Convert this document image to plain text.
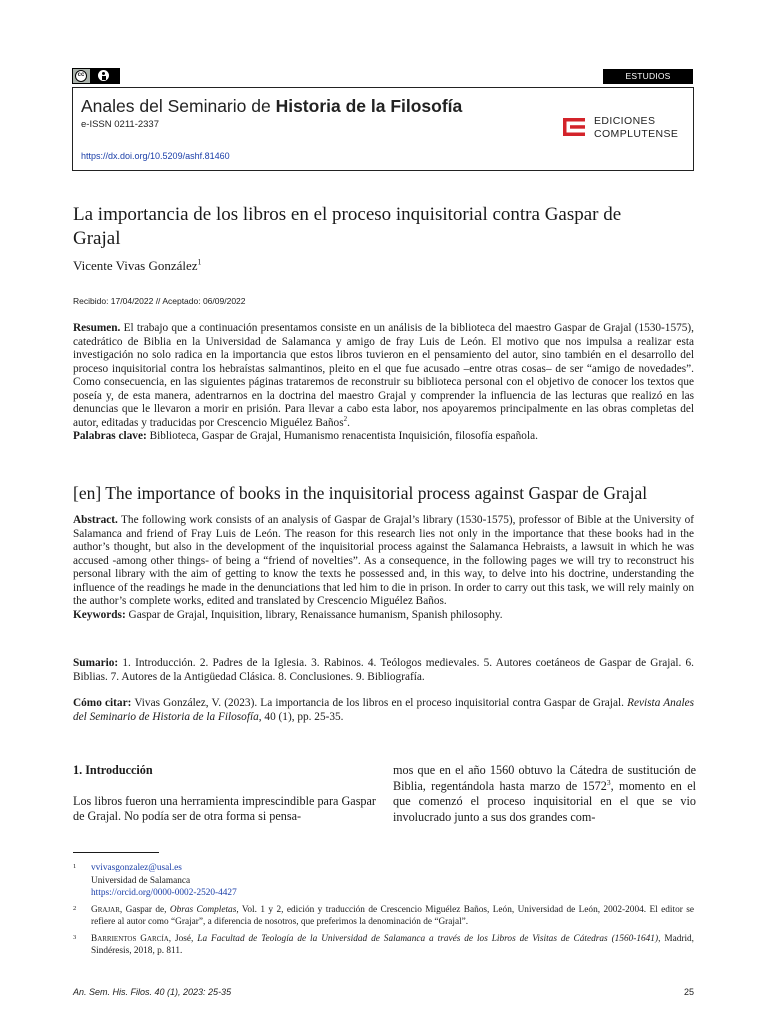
cc	ESTUDIOS
Anales del Seminario de Historia de la Filosofía
e-ISSN 0211-2337
https://dx.doi.org/10.5209/ashf.81460
EDICIONES
COMPLUTENSE
La importancia de los libros en el proceso inquisitorial contra Gaspar de Grajal
Vicente Vivas González$^1$
Recibido: 17/04/2022 // Aceptado: 06/09/2022

Resumen. El trabajo que a continuación presentamos consiste en un análisis de la biblioteca del maestro Gaspar de Grajal (1530-1575), catedrático de Biblia en la Universidad de Salamanca y amigo de fray Luis de León. El motivo que nos impulsa a realizar esta investigación no solo radica en la importancia que estos libros tuvieron en el pensamiento del autor, sino también en el desarrollo del proceso inquisitorial contra los hebraístas salmantinos, pleito en el que fue acusado –entre otras cosas– de ser “amigo de novedades”. Como consecuencia, en las siguientes páginas trataremos de reconstruir su biblioteca personal con el objetivo de conocer los textos que poseía y, de esta manera, adentrarnos en la doctrina del maestro Grajal y comprender la influencia de las lecturas que realizó en las denuncias que le llevaron a morir en prisión. Para llevar a cabo esta labor, nos apoyaremos principalmente en las obras completas del autor, editadas y traducidas por Crescencio Miguélez Baños$^2$.

Palabras clave: Biblioteca, Gaspar de Grajal, Humanismo renacentista Inquisición, filosofía española.

[en] The importance of books in the inquisitorial process against Gaspar de Grajal

Abstract. The following work consists of an analysis of Gaspar de Grajal’s library (1530-1575), professor of Bible at the University of Salamanca and friend of Fray Luis de León. The reason for this research lies not only in the importance that these books had in the author’s thought, but also in the development of the inquisitorial process against the Salamanca Hebraists, a lawsuit in which he was accused -among other things- of being a “friend of novelties”. As a consequence, in the following pages we will try to reconstruct his personal library with the aim of getting to know the texts he possessed and, in this way, to delve into his doctrine, understanding the influence of the readings he made in the denunciations that led him to die in prison. In order to carry out this task, we will rely mainly on the author’s complete works, edited and translated by Crescencio Miguélez Baños.

Keywords: Gaspar de Grajal, Inquisition, library, Renaissance humanism, Spanish philosophy.

Sumario: 1. Introducción. 2. Padres de la Iglesia. 3. Rabinos. 4. Teólogos medievales. 5. Autores coetáneos de Gaspar de Grajal. 6. Biblias. 7. Autores de la Antigüedad Clásica. 8. Conclusiones. 9. Bibliografía.

Cómo citar: Vivas González, V. (2023). La importancia de los libros en el proceso inquisitorial contra Gaspar de Grajal. Revista Anales del Seminario de Historia de la Filosofía, 40 (1), pp. 25-35.

1. Introducción

Los libros fueron una herramienta imprescindible para Gaspar de Grajal. No podía ser de otra forma si pensa-

mos que en el año 1560 obtuvo la Cátedra de sustitución de Biblia, regentándola hasta marzo de 1572$^3$, momento en el que comenzó el proceso inquisitorial en el que se vio involucrado junto a sus dos grandes com-

1 vvivasgonzalez@usal.es
Universidad de Salamanca
https://orcid.org/0000-0002-2520-4427
2 Grajar, Gaspar de, Obras Completas, Vol. 1 y 2, edición y traducción de Crescencio Miguélez Baños, León, Universidad de León, 2002-2004. El editor se refiere al autor como “Grajar”, a diferencia de nosotros, que preferimos la denominación de “Grajal”.
3 Barrientos García, José, La Facultad de Teología de la Universidad de Salamanca a través de los Libros de Visitas de Cátedras (1560-1641), Madrid, Sindéresis, 2018, p. 811.
An. Sem. His. Filos. 40 (1), 2023: 25-35	25
